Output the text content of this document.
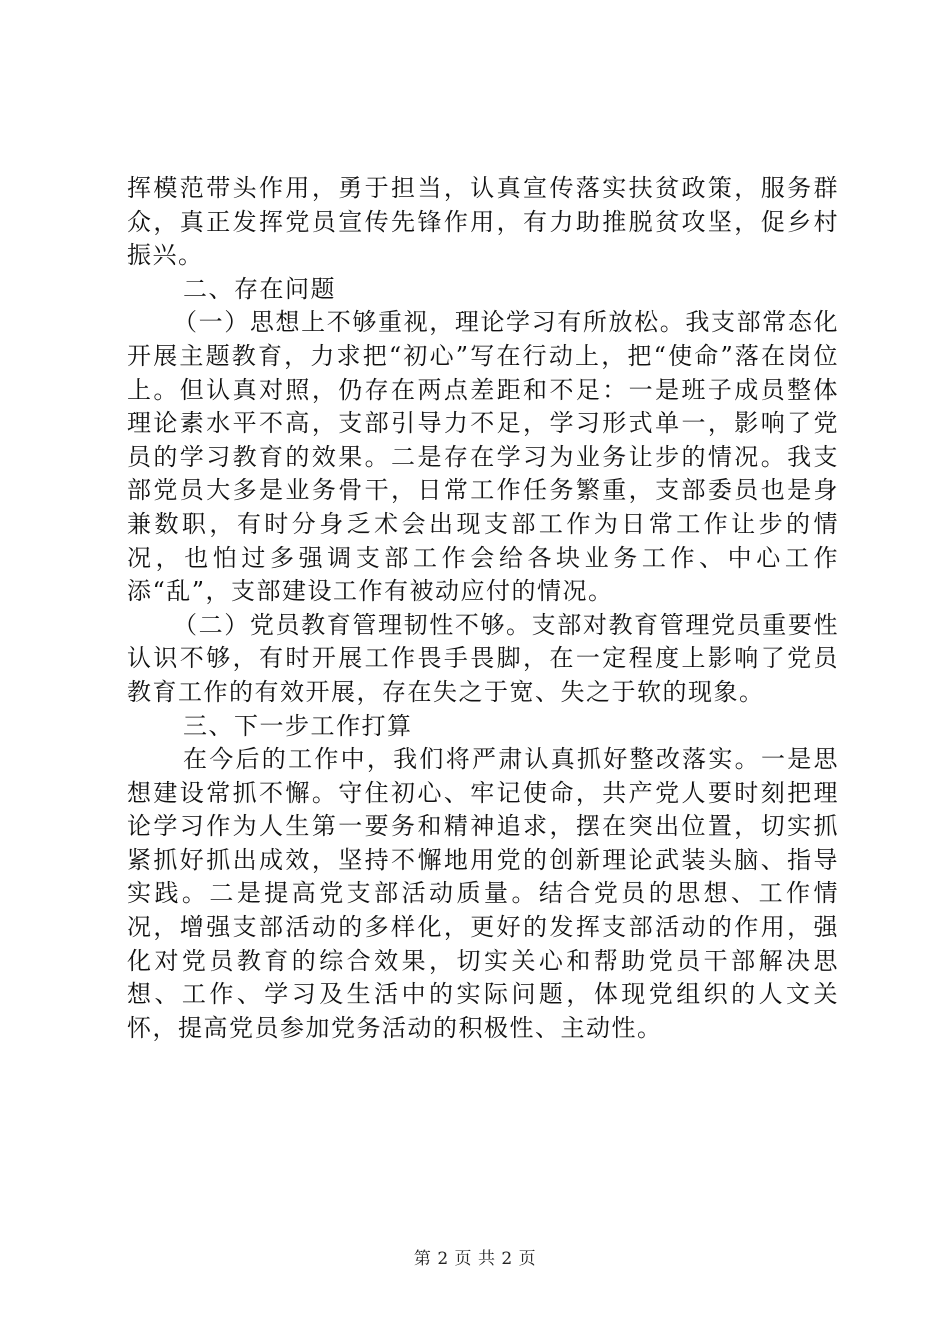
挥模范带头作用，勇于担当，认真宣传落实扶贫政策，服务群众，真正发挥党员宣传先锋作用，有力助推脱贫攻坚，促乡村振兴。

二、存在问题

（一）思想上不够重视，理论学习有所放松。我支部常态化开展主题教育，力求把“初心”写在行动上，把“使命”落在岗位上。但认真对照，仍存在两点差距和不足：一是班子成员整体理论素水平不高，支部引导力不足，学习形式单一，影响了党员的学习教育的效果。二是存在学习为业务让步的情况。我支部党员大多是业务骨干，日常工作任务繁重，支部委员也是身兼数职，有时分身乏术会出现支部工作为日常工作让步的情况，也怕过多强调支部工作会给各块业务工作、中心工作添“乱”，支部建设工作有被动应付的情况。

（二）党员教育管理韧性不够。支部对教育管理党员重要性认识不够，有时开展工作畏手畏脚，在一定程度上影响了党员教育工作的有效开展，存在失之于宽、失之于软的现象。

三、下一步工作打算

在今后的工作中，我们将严肃认真抓好整改落实。一是思想建设常抓不懈。守住初心、牢记使命，共产党人要时刻把理论学习作为人生第一要务和精神追求，摆在突出位置，切实抓紧抓好抓出成效，坚持不懈地用党的创新理论武装头脑、指导实践。二是提高党支部活动质量。结合党员的思想、工作情况，增强支部活动的多样化，更好的发挥支部活动的作用，强化对党员教育的综合效果，切实关心和帮助党员干部解决思想、工作、学习及生活中的实际问题，体现党组织的人文关怀，提高党员参加党务活动的积极性、主动性。

第 2 页 共 2 页
